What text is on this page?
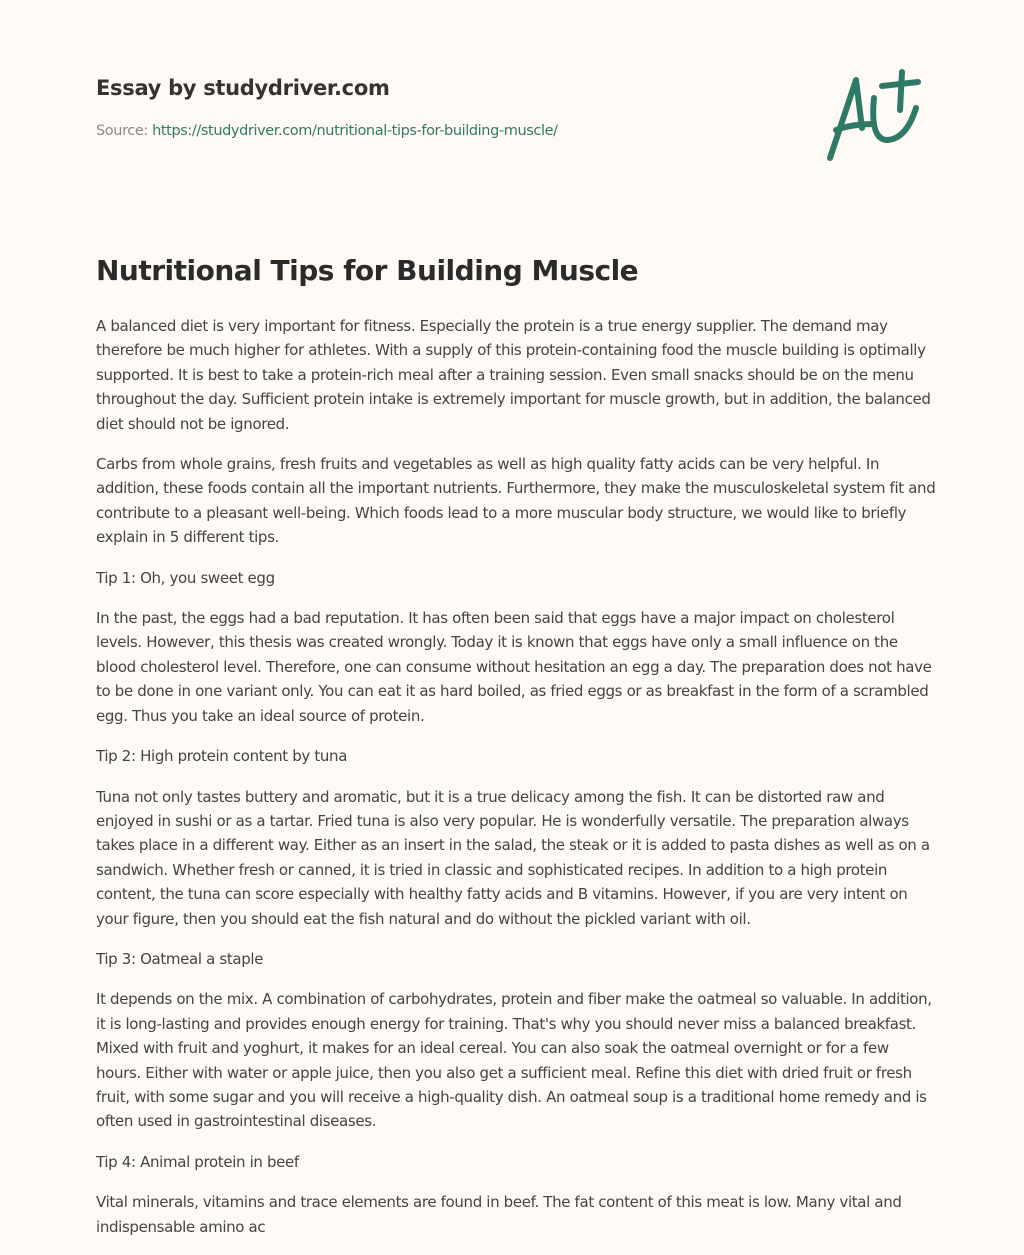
Essay by studydriver.com
Source: https://studydriver.com/nutritional-tips-for-building-muscle/
Nutritional Tips for Building Muscle

A balanced diet is very important for fitness. Especially the protein is a true energy supplier. The demand may therefore be much higher for athletes. With a supply of this protein-containing food the muscle building is optimally supported. It is best to take a protein-rich meal after a training session. Even small snacks should be on the menu throughout the day. Sufficient protein intake is extremely important for muscle growth, but in addition, the balanced diet should not be ignored.

Carbs from whole grains, fresh fruits and vegetables as well as high quality fatty acids can be very helpful. In addition, these foods contain all the important nutrients. Furthermore, they make the musculoskeletal system fit and contribute to a pleasant well-being. Which foods lead to a more muscular body structure, we would like to briefly explain in 5 different tips.

Tip 1: Oh, you sweet egg

In the past, the eggs had a bad reputation. It has often been said that eggs have a major impact on cholesterol levels. However, this thesis was created wrongly. Today it is known that eggs have only a small influence on the blood cholesterol level. Therefore, one can consume without hesitation an egg a day. The preparation does not have to be done in one variant only. You can eat it as hard boiled, as fried eggs or as breakfast in the form of a scrambled egg. Thus you take an ideal source of protein.

Tip 2: High protein content by tuna

Tuna not only tastes buttery and aromatic, but it is a true delicacy among the fish. It can be distorted raw and enjoyed in sushi or as a tartar. Fried tuna is also very popular. He is wonderfully versatile. The preparation always takes place in a different way. Either as an insert in the salad, the steak or it is added to pasta dishes as well as on a sandwich. Whether fresh or canned, it is tried in classic and sophisticated recipes. In addition to a high protein content, the tuna can score especially with healthy fatty acids and B vitamins. However, if you are very intent on your figure, then you should eat the fish natural and do without the pickled variant with oil.

Tip 3: Oatmeal a staple

It depends on the mix. A combination of carbohydrates, protein and fiber make the oatmeal so valuable. In addition, it is long-lasting and provides enough energy for training. That's why you should never miss a balanced breakfast. Mixed with fruit and yoghurt, it makes for an ideal cereal. You can also soak the oatmeal overnight or for a few hours. Either with water or apple juice, then you also get a sufficient meal. Refine this diet with dried fruit or fresh fruit, with some sugar and you will receive a high-quality dish. An oatmeal soup is a traditional home remedy and is often used in gastrointestinal diseases.

Tip 4: Animal protein in beef

Vital minerals, vitamins and trace elements are found in beef. The fat content of this meat is low. Many vital and indispensable amino ac
